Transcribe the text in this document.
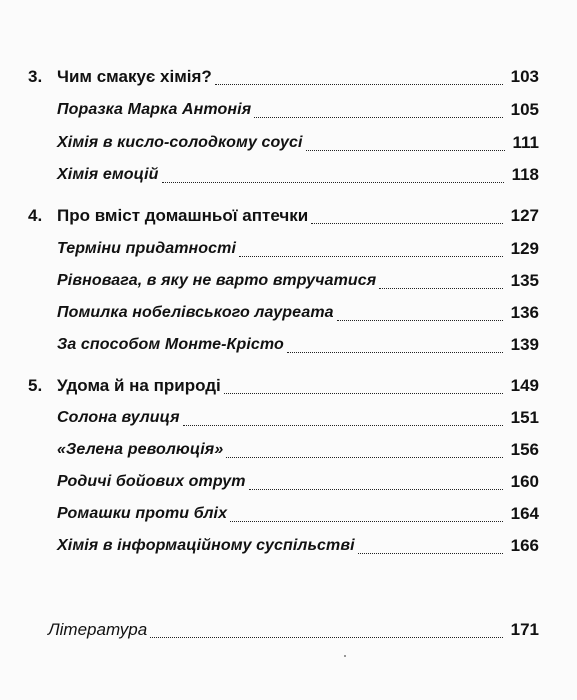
3. Чим смакує хімія?	103
Поразка Марка Антонія	105
Хімія в кисло-солодкому соусі	111
Хімія емоцій	118
4. Про вміст домашньої аптечки	127
Терміни придатності	129
Рівновага, в яку не варто втручатися	135
Помилка нобелівського лауреата	136
За способом Монте-Крісто	139
5. Удома й на природі	149
Солона вулиця	151
«Зелена революція»	156
Родичі бойових отрут	160
Ромашки проти бліх	164
Хімія в інформаційному суспільстві	166
Література	171
